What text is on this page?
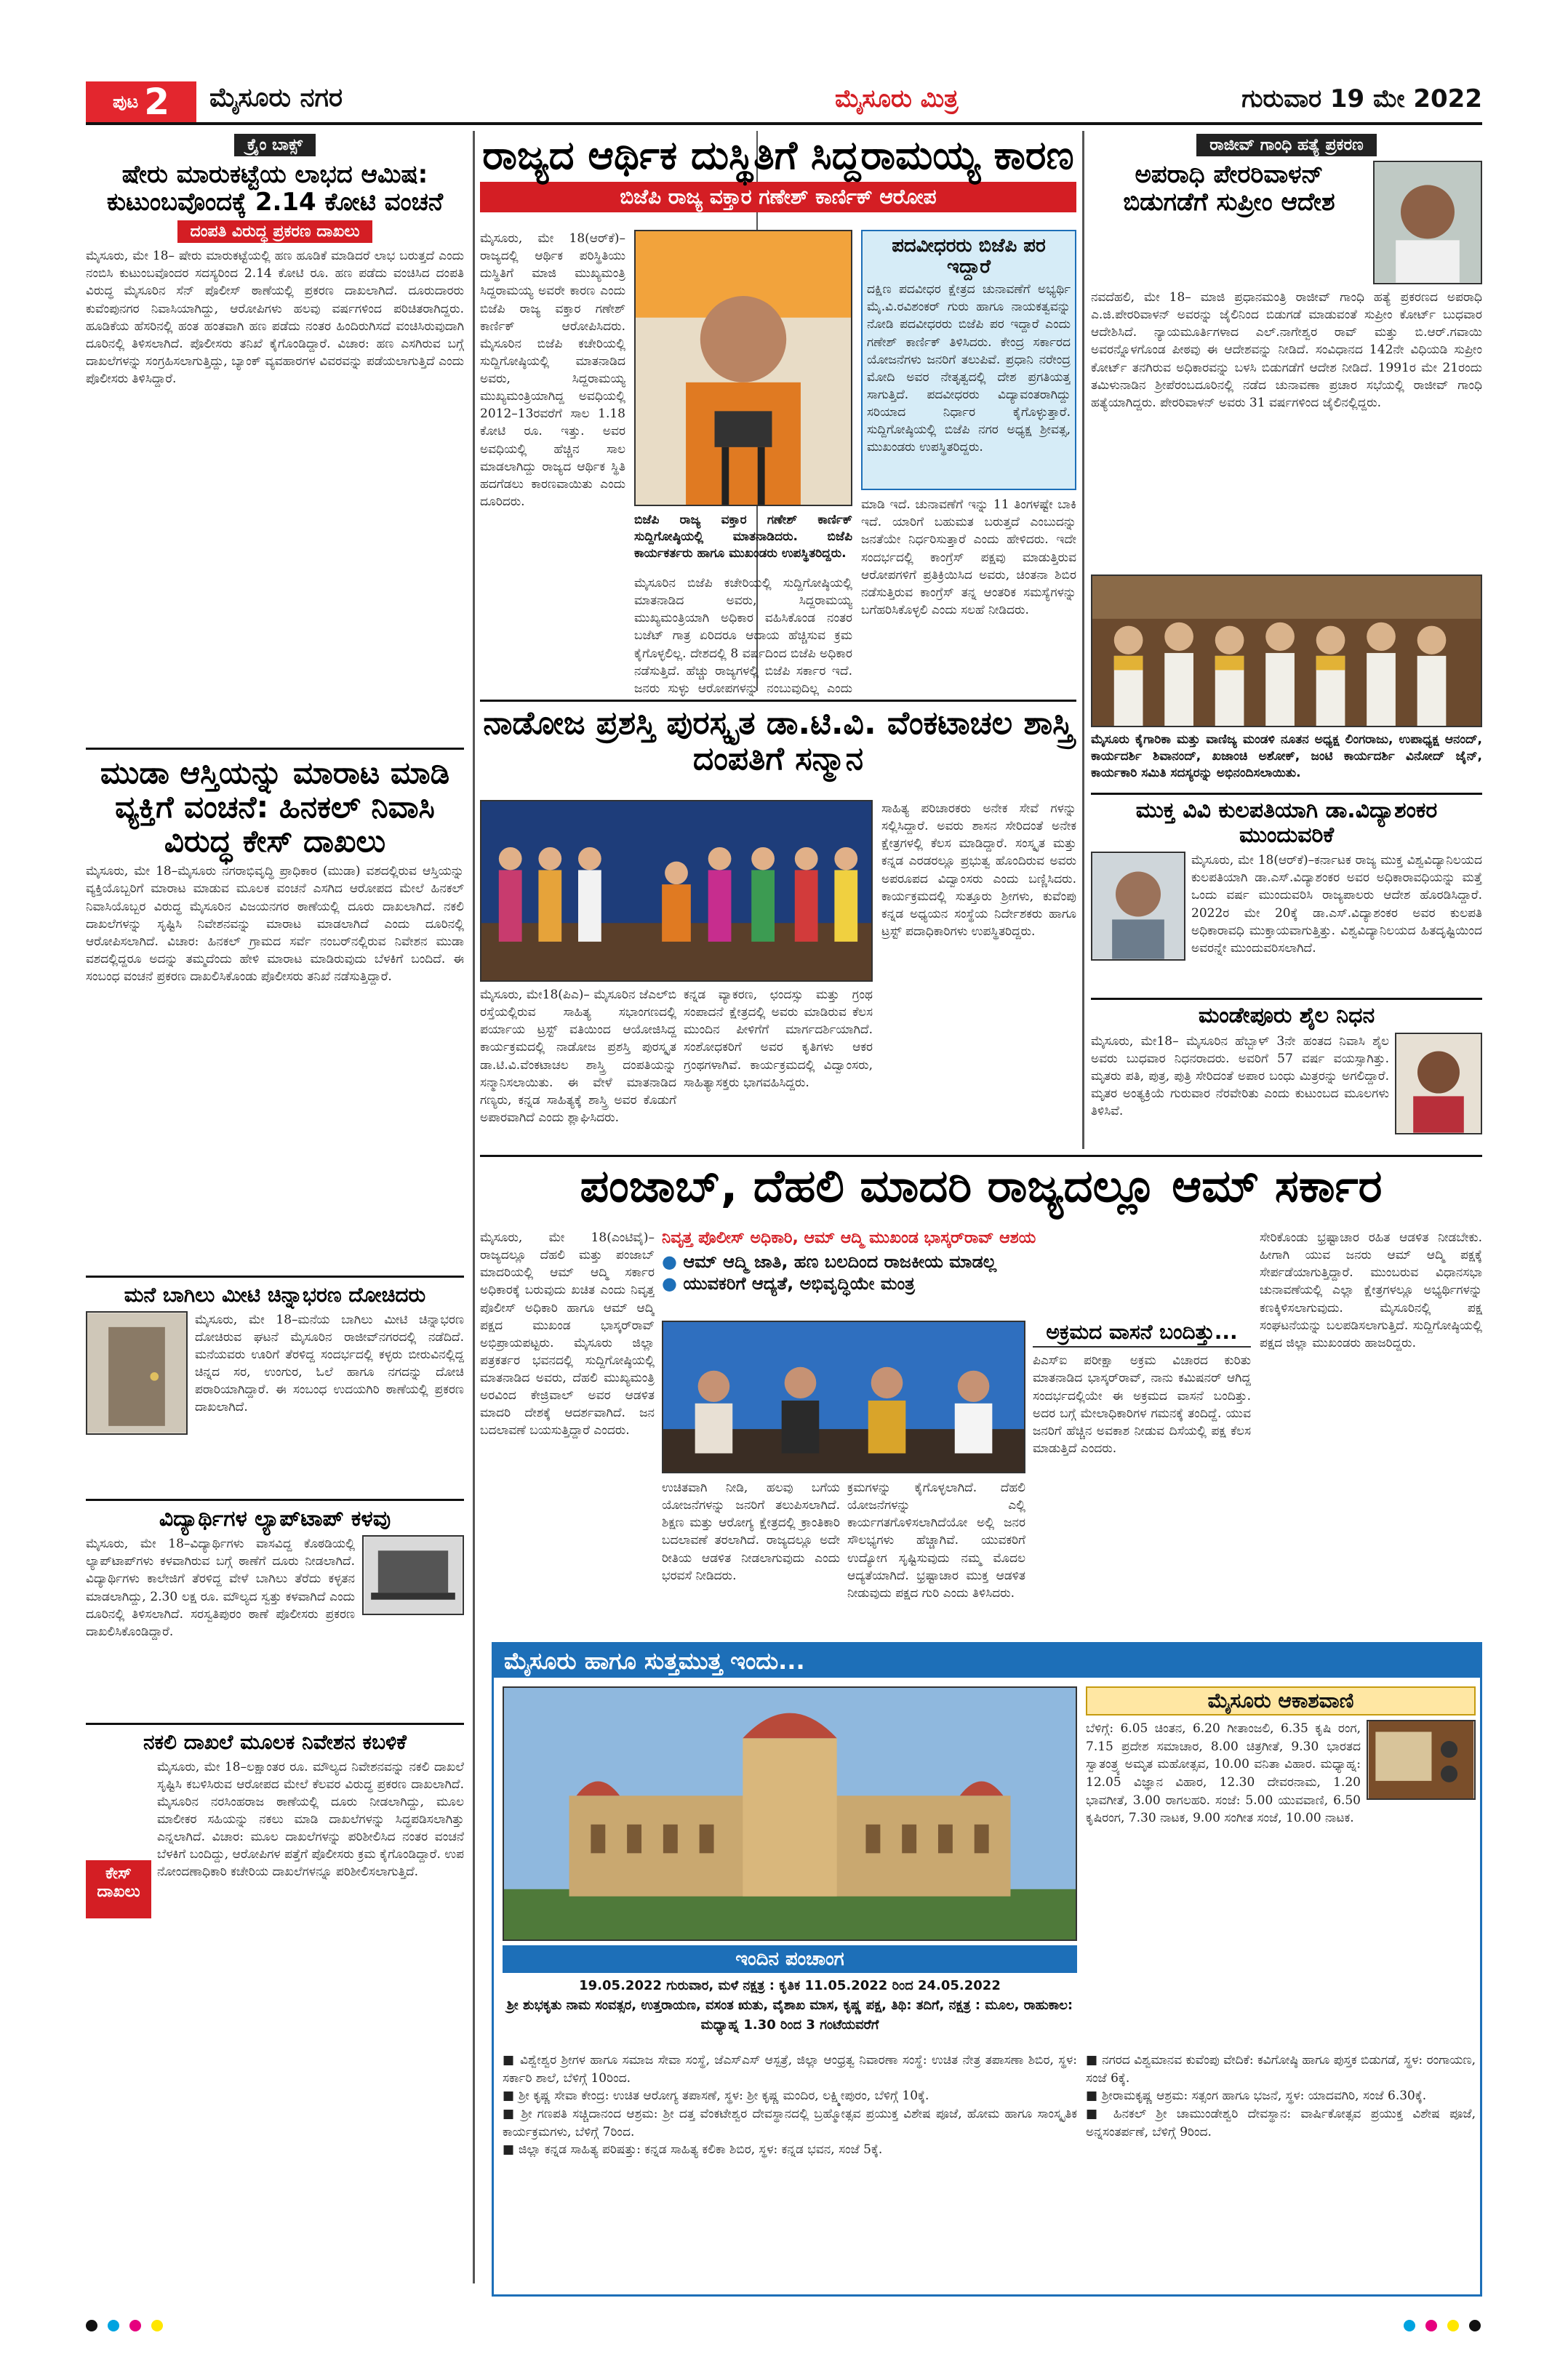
ಪುಟ 2 ಮೈಸೂರು ನಗರ	ಮೈಸೂರು ಮಿತ್ರ	ಗುರುವಾರ 19 ಮೇ 2022
ಕ್ರೈಂ ಬಾಕ್ಸ್
ಷೇರು ಮಾರುಕಟ್ಟೆಯ ಲಾಭದ ಆಮಿಷ: ಕುಟುಂಬವೊಂದಕ್ಕೆ 2.14 ಕೋಟಿ ವಂಚನೆ
ದಂಪತಿ ವಿರುದ್ಧ ಪ್ರಕರಣ ದಾಖಲು
ಮೈಸೂರು, ಮೇ 18– ಷೇರು ಮಾರುಕಟ್ಟೆಯಲ್ಲಿ ಹಣ ಹೂಡಿಕೆ ಮಾಡಿದರೆ ಲಾಭ ಬರುತ್ತದೆ ಎಂದು ನಂಬಿಸಿ ಕುಟುಂಬವೊಂದರ ಸದಸ್ಯರಿಂದ 2.14 ಕೋಟಿ ರೂ. ಹಣ ಪಡೆದು ವಂಚಿಸಿದ ದಂಪತಿ ವಿರುದ್ಧ ಮೈಸೂರಿನ ಸೆನ್ ಪೊಲೀಸ್ ಠಾಣೆಯಲ್ಲಿ ಪ್ರಕರಣ ದಾಖಲಾಗಿದೆ. ದೂರುದಾರರು ಕುವೆಂಪುನಗರ ನಿವಾಸಿಯಾಗಿದ್ದು, ಆರೋಪಿಗಳು ಹಲವು ವರ್ಷಗಳಿಂದ ಪರಿಚಿತರಾಗಿದ್ದರು. ಹೂಡಿಕೆಯ ಹೆಸರಿನಲ್ಲಿ ಹಂತ ಹಂತವಾಗಿ ಹಣ ಪಡೆದು ನಂತರ ಹಿಂದಿರುಗಿಸದೆ ವಂಚಿಸಿರುವುದಾಗಿ ದೂರಿನಲ್ಲಿ ತಿಳಿಸಲಾಗಿದೆ. ಪೊಲೀಸರು ತನಿಖೆ ಕೈಗೊಂಡಿದ್ದಾರೆ. ವಿಚಾರ: ಹಣ ಎಸಗಿರುವ ಬಗ್ಗೆ ದಾಖಲೆಗಳನ್ನು ಸಂಗ್ರಹಿಸಲಾಗುತ್ತಿದ್ದು, ಬ್ಯಾಂಕ್ ವ್ಯವಹಾರಗಳ ವಿವರವನ್ನು ಪಡೆಯಲಾಗುತ್ತಿದೆ ಎಂದು ಪೊಲೀಸರು ತಿಳಿಸಿದ್ದಾರೆ.
ಮುಡಾ ಆಸ್ತಿಯನ್ನು ಮಾರಾಟ ಮಾಡಿ ವ್ಯಕ್ತಿಗೆ ವಂಚನೆ: ಹಿನಕಲ್ ನಿವಾಸಿ ವಿರುದ್ಧ ಕೇಸ್ ದಾಖಲು
ಮೈಸೂರು, ಮೇ 18–ಮೈಸೂರು ನಗರಾಭಿವೃದ್ಧಿ ಪ್ರಾಧಿಕಾರ (ಮುಡಾ) ವಶದಲ್ಲಿರುವ ಆಸ್ತಿಯನ್ನು ವ್ಯಕ್ತಿಯೊಬ್ಬರಿಗೆ ಮಾರಾಟ ಮಾಡುವ ಮೂಲಕ ವಂಚನೆ ಎಸಗಿದ ಆರೋಪದ ಮೇಲೆ ಹಿನಕಲ್ ನಿವಾಸಿಯೊಬ್ಬರ ವಿರುದ್ಧ ಮೈಸೂರಿನ ವಿಜಯನಗರ ಠಾಣೆಯಲ್ಲಿ ದೂರು ದಾಖಲಾಗಿದೆ. ನಕಲಿ ದಾಖಲೆಗಳನ್ನು ಸೃಷ್ಟಿಸಿ ನಿವೇಶನವನ್ನು ಮಾರಾಟ ಮಾಡಲಾಗಿದೆ ಎಂದು ದೂರಿನಲ್ಲಿ ಆರೋಪಿಸಲಾಗಿದೆ. ವಿಚಾರ: ಹಿನಕಲ್ ಗ್ರಾಮದ ಸರ್ವೆ ನಂಬರ್‌ನಲ್ಲಿರುವ ನಿವೇಶನ ಮುಡಾ ವಶದಲ್ಲಿದ್ದರೂ ಅದನ್ನು ತಮ್ಮದೆಂದು ಹೇಳಿ ಮಾರಾಟ ಮಾಡಿರುವುದು ಬೆಳಕಿಗೆ ಬಂದಿದೆ. ಈ ಸಂಬಂಧ ವಂಚನೆ ಪ್ರಕರಣ ದಾಖಲಿಸಿಕೊಂಡು ಪೊಲೀಸರು ತನಿಖೆ ನಡೆಸುತ್ತಿದ್ದಾರೆ.
ಮನೆ ಬಾಗಿಲು ಮೀಟಿ ಚಿನ್ನಾಭರಣ ದೋಚಿದರು
ಮೈಸೂರು, ಮೇ 18–ಮನೆಯ ಬಾಗಿಲು ಮೀಟಿ ಚಿನ್ನಾಭರಣ ದೋಚಿರುವ ಘಟನೆ ಮೈಸೂರಿನ ರಾಜೀವ್‌ನಗರದಲ್ಲಿ ನಡೆದಿದೆ. ಮನೆಯವರು ಊರಿಗೆ ತೆರಳಿದ್ದ ಸಂದರ್ಭದಲ್ಲಿ ಕಳ್ಳರು ಬೀರುವಿನಲ್ಲಿದ್ದ ಚಿನ್ನದ ಸರ, ಉಂಗುರ, ಓಲೆ ಹಾಗೂ ನಗದನ್ನು ದೋಚಿ ಪರಾರಿಯಾಗಿದ್ದಾರೆ. ಈ ಸಂಬಂಧ ಉದಯಗಿರಿ ಠಾಣೆಯಲ್ಲಿ ಪ್ರಕರಣ ದಾಖಲಾಗಿದೆ.
ವಿದ್ಯಾರ್ಥಿಗಳ ಲ್ಯಾಪ್‌ಟಾಪ್ ಕಳವು
ಮೈಸೂರು, ಮೇ 18–ವಿದ್ಯಾರ್ಥಿಗಳು ವಾಸವಿದ್ದ ಕೊಠಡಿಯಲ್ಲಿ ಲ್ಯಾಪ್‌ಟಾಪ್‌ಗಳು ಕಳವಾಗಿರುವ ಬಗ್ಗೆ ಠಾಣೆಗೆ ದೂರು ನೀಡಲಾಗಿದೆ. ವಿದ್ಯಾರ್ಥಿಗಳು ಕಾಲೇಜಿಗೆ ತೆರಳಿದ್ದ ವೇಳೆ ಬಾಗಿಲು ತೆರೆದು ಕಳ್ಳತನ ಮಾಡಲಾಗಿದ್ದು, 2.30 ಲಕ್ಷ ರೂ. ಮೌಲ್ಯದ ಸ್ವತ್ತು ಕಳವಾಗಿದೆ ಎಂದು ದೂರಿನಲ್ಲಿ ತಿಳಿಸಲಾಗಿದೆ. ಸರಸ್ವತಿಪುರಂ ಠಾಣೆ ಪೊಲೀಸರು ಪ್ರಕರಣ ದಾಖಲಿಸಿಕೊಂಡಿದ್ದಾರೆ.
ನಕಲಿ ದಾಖಲೆ ಮೂಲಕ ನಿವೇಶನ ಕಬಳಿಕೆ
ಕೇಸ್ ದಾಖಲು
ಮೈಸೂರು, ಮೇ 18–ಲಕ್ಷಾಂತರ ರೂ. ಮೌಲ್ಯದ ನಿವೇಶನವನ್ನು ನಕಲಿ ದಾಖಲೆ ಸೃಷ್ಟಿಸಿ ಕಬಳಿಸಿರುವ ಆರೋಪದ ಮೇಲೆ ಕೆಲವರ ವಿರುದ್ಧ ಪ್ರಕರಣ ದಾಖಲಾಗಿದೆ. ಮೈಸೂರಿನ ನರಸಿಂಹರಾಜ ಠಾಣೆಯಲ್ಲಿ ದೂರು ನೀಡಲಾಗಿದ್ದು, ಮೂಲ ಮಾಲೀಕರ ಸಹಿಯನ್ನು ನಕಲು ಮಾಡಿ ದಾಖಲೆಗಳನ್ನು ಸಿದ್ಧಪಡಿಸಲಾಗಿತ್ತು ಎನ್ನಲಾಗಿದೆ. ವಿಚಾರ: ಮೂಲ ದಾಖಲೆಗಳನ್ನು ಪರಿಶೀಲಿಸಿದ ನಂತರ ವಂಚನೆ ಬೆಳಕಿಗೆ ಬಂದಿದ್ದು, ಆರೋಪಿಗಳ ಪತ್ತೆಗೆ ಪೊಲೀಸರು ಕ್ರಮ ಕೈಗೊಂಡಿದ್ದಾರೆ. ಉಪ ನೋಂದಣಾಧಿಕಾರಿ ಕಚೇರಿಯ ದಾಖಲೆಗಳನ್ನೂ ಪರಿಶೀಲಿಸಲಾಗುತ್ತಿದೆ.
ರಾಜ್ಯದ ಆರ್ಥಿಕ ದುಸ್ಥಿತಿಗೆ ಸಿದ್ದರಾಮಯ್ಯ ಕಾರಣ
ಬಿಜೆಪಿ ರಾಜ್ಯ ವಕ್ತಾರ ಗಣೇಶ್ ಕಾರ್ಣಿಕ್ ಆರೋಪ
ಮೈಸೂರು, ಮೇ 18(ಆರ್‌ಕೆ)– ರಾಜ್ಯದಲ್ಲಿ ಆರ್ಥಿಕ ಪರಿಸ್ಥಿತಿಯು ದುಸ್ಥಿತಿಗೆ ಮಾಜಿ ಮುಖ್ಯಮಂತ್ರಿ ಸಿದ್ದರಾಮಯ್ಯ ಅವರೇ ಕಾರಣ ಎಂದು ಬಿಜೆಪಿ ರಾಜ್ಯ ವಕ್ತಾರ ಗಣೇಶ್ ಕಾರ್ಣಿಕ್ ಆರೋಪಿಸಿದರು. ಮೈಸೂರಿನ ಬಿಜೆಪಿ ಕಚೇರಿಯಲ್ಲಿ ಸುದ್ದಿಗೋಷ್ಠಿಯಲ್ಲಿ ಮಾತನಾಡಿದ ಅವರು, ಸಿದ್ದರಾಮಯ್ಯ ಮುಖ್ಯಮಂತ್ರಿಯಾಗಿದ್ದ ಅವಧಿಯಲ್ಲಿ 2012–13ರವರೆಗೆ ಸಾಲ 1.18 ಕೋಟಿ ರೂ. ಇತ್ತು. ಅವರ ಅವಧಿಯಲ್ಲಿ ಹೆಚ್ಚಿನ ಸಾಲ ಮಾಡಲಾಗಿದ್ದು ರಾಜ್ಯದ ಆರ್ಥಿಕ ಸ್ಥಿತಿ ಹದಗೆಡಲು ಕಾರಣವಾಯಿತು ಎಂದು ದೂರಿದರು.
ಬಿಜೆಪಿ ರಾಜ್ಯ ವಕ್ತಾರ ಗಣೇಶ್ ಕಾರ್ಣಿಕ್ ಸುದ್ದಿಗೋಷ್ಠಿಯಲ್ಲಿ ಮಾತನಾಡಿದರು. ಬಿಜೆಪಿ ಕಾರ್ಯಕರ್ತರು ಹಾಗೂ ಮುಖಂಡರು ಉಪಸ್ಥಿತರಿದ್ದರು.
ಮೈಸೂರಿನ ಬಿಜೆಪಿ ಕಚೇರಿಯಲ್ಲಿ ಸುದ್ದಿಗೋಷ್ಠಿಯಲ್ಲಿ ಮಾತನಾಡಿದ ಅವರು, ಸಿದ್ದರಾಮಯ್ಯ ಮುಖ್ಯಮಂತ್ರಿಯಾಗಿ ಅಧಿಕಾರ ವಹಿಸಿಕೊಂಡ ನಂತರ ಬಜೆಟ್ ಗಾತ್ರ ಏರಿದರೂ ಆದಾಯ ಹೆಚ್ಚಿಸುವ ಕ್ರಮ ಕೈಗೊಳ್ಳಲಿಲ್ಲ. ದೇಶದಲ್ಲಿ 8 ವರ್ಷದಿಂದ ಬಿಜೆಪಿ ಅಧಿಕಾರ ನಡೆಸುತ್ತಿದೆ. ಹೆಚ್ಚು ರಾಜ್ಯಗಳಲ್ಲಿ ಬಿಜೆಪಿ ಸರ್ಕಾರ ಇದೆ. ಜನರು ಸುಳ್ಳು ಆರೋಪಗಳನ್ನು ನಂಬುವುದಿಲ್ಲ ಎಂದು
ಪದವೀಧರರು ಬಿಜೆಪಿ ಪರ ಇದ್ದಾರೆ
ದಕ್ಷಿಣ ಪದವೀಧರ ಕ್ಷೇತ್ರದ ಚುನಾವಣೆಗೆ ಅಭ್ಯರ್ಥಿ ಮೈ.ವಿ.ರವಿಶಂಕರ್ ಗುರು ಹಾಗೂ ನಾಯಕತ್ವವನ್ನು ನೋಡಿ ಪದವೀಧರರು ಬಿಜೆಪಿ ಪರ ಇದ್ದಾರೆ ಎಂದು ಗಣೇಶ್ ಕಾರ್ಣಿಕ್ ತಿಳಿಸಿದರು. ಕೇಂದ್ರ ಸರ್ಕಾರದ ಯೋಜನೆಗಳು ಜನರಿಗೆ ತಲುಪಿವೆ. ಪ್ರಧಾನಿ ನರೇಂದ್ರ ಮೋದಿ ಅವರ ನೇತೃತ್ವದಲ್ಲಿ ದೇಶ ಪ್ರಗತಿಯತ್ತ ಸಾಗುತ್ತಿದೆ. ಪದವೀಧರರು ವಿದ್ಯಾವಂತರಾಗಿದ್ದು ಸರಿಯಾದ ನಿರ್ಧಾರ ಕೈಗೊಳ್ಳುತ್ತಾರೆ. ಸುದ್ದಿಗೋಷ್ಠಿಯಲ್ಲಿ ಬಿಜೆಪಿ ನಗರ ಅಧ್ಯಕ್ಷ ಶ್ರೀವತ್ಸ, ಮುಖಂಡರು ಉಪಸ್ಥಿತರಿದ್ದರು.
ಮಾಡಿ ಇದೆ. ಚುನಾವಣೆಗೆ ಇನ್ನು 11 ತಿಂಗಳಷ್ಟೇ ಬಾಕಿ ಇದೆ. ಯಾರಿಗೆ ಬಹುಮತ ಬರುತ್ತದೆ ಎಂಬುದನ್ನು ಜನತೆಯೇ ನಿರ್ಧರಿಸುತ್ತಾರೆ ಎಂದು ಹೇಳಿದರು. ಇದೇ ಸಂದರ್ಭದಲ್ಲಿ ಕಾಂಗ್ರೆಸ್ ಪಕ್ಷವು ಮಾಡುತ್ತಿರುವ ಆರೋಪಗಳಿಗೆ ಪ್ರತಿಕ್ರಿಯಿಸಿದ ಅವರು, ಚಿಂತನಾ ಶಿಬಿರ ನಡೆಸುತ್ತಿರುವ ಕಾಂಗ್ರೆಸ್ ತನ್ನ ಆಂತರಿಕ ಸಮಸ್ಯೆಗಳನ್ನು ಬಗೆಹರಿಸಿಕೊಳ್ಳಲಿ ಎಂದು ಸಲಹೆ ನೀಡಿದರು.
ರಾಜೀವ್ ಗಾಂಧಿ ಹತ್ಯೆ ಪ್ರಕರಣ
ಅಪರಾಧಿ ಪೇರರಿವಾಳನ್ ಬಿಡುಗಡೆಗೆ ಸುಪ್ರೀಂ ಆದೇಶ
ನವದೆಹಲಿ, ಮೇ 18– ಮಾಜಿ ಪ್ರಧಾನಮಂತ್ರಿ ರಾಜೀವ್ ಗಾಂಧಿ ಹತ್ಯೆ ಪ್ರಕರಣದ ಅಪರಾಧಿ ಎ.ಜಿ.ಪೇರರಿವಾಳನ್ ಅವರನ್ನು ಜೈಲಿನಿಂದ ಬಿಡುಗಡೆ ಮಾಡುವಂತೆ ಸುಪ್ರೀಂ ಕೋರ್ಟ್ ಬುಧವಾರ ಆದೇಶಿಸಿದೆ. ನ್ಯಾಯಮೂರ್ತಿಗಳಾದ ಎಲ್.ನಾಗೇಶ್ವರ ರಾವ್ ಮತ್ತು ಬಿ.ಆರ್.ಗವಾಯಿ ಅವರನ್ನೊಳಗೊಂಡ ಪೀಠವು ಈ ಆದೇಶವನ್ನು ನೀಡಿದೆ. ಸಂವಿಧಾನದ 142ನೇ ವಿಧಿಯಡಿ ಸುಪ್ರೀಂ ಕೋರ್ಟ್ ತನಗಿರುವ ಅಧಿಕಾರವನ್ನು ಬಳಸಿ ಬಿಡುಗಡೆಗೆ ಆದೇಶ ನೀಡಿದೆ. 1991ರ ಮೇ 21ರಂದು ತಮಿಳುನಾಡಿನ ಶ್ರೀಪೆರಂಬದೂರಿನಲ್ಲಿ ನಡೆದ ಚುನಾವಣಾ ಪ್ರಚಾರ ಸಭೆಯಲ್ಲಿ ರಾಜೀವ್ ಗಾಂಧಿ ಹತ್ಯೆಯಾಗಿದ್ದರು. ಪೇರರಿವಾಳನ್ ಅವರು 31 ವರ್ಷಗಳಿಂದ ಜೈಲಿನಲ್ಲಿದ್ದರು.
ಮೈಸೂರು ಕೈಗಾರಿಕಾ ಮತ್ತು ವಾಣಿಜ್ಯ ಮಂಡಳಿ ನೂತನ ಅಧ್ಯಕ್ಷ ಲಿಂಗರಾಜು, ಉಪಾಧ್ಯಕ್ಷ ಆನಂದ್, ಕಾರ್ಯದರ್ಶಿ ಶಿವಾನಂದ್, ಖಜಾಂಚಿ ಅಶೋಕ್, ಜಂಟಿ ಕಾರ್ಯದರ್ಶಿ ವಿನೋದ್ ಜೈನ್, ಕಾರ್ಯಕಾರಿ ಸಮಿತಿ ಸದಸ್ಯರನ್ನು ಅಭಿನಂದಿಸಲಾಯಿತು.
ಮುಕ್ತ ವಿವಿ ಕುಲಪತಿಯಾಗಿ ಡಾ.ವಿದ್ಯಾಶಂಕರ ಮುಂದುವರಿಕೆ
ಮೈಸೂರು, ಮೇ 18(ಆರ್‌ಕೆ)–ಕರ್ನಾಟಕ ರಾಜ್ಯ ಮುಕ್ತ ವಿಶ್ವವಿದ್ಯಾನಿಲಯದ ಕುಲಪತಿಯಾಗಿ ಡಾ.ಎಸ್.ವಿದ್ಯಾಶಂಕರ ಅವರ ಅಧಿಕಾರಾವಧಿಯನ್ನು ಮತ್ತೆ ಒಂದು ವರ್ಷ ಮುಂದುವರಿಸಿ ರಾಜ್ಯಪಾಲರು ಆದೇಶ ಹೊರಡಿಸಿದ್ದಾರೆ. 2022ರ ಮೇ 20ಕ್ಕೆ ಡಾ.ಎಸ್.ವಿದ್ಯಾಶಂಕರ ಅವರ ಕುಲಪತಿ ಅಧಿಕಾರಾವಧಿ ಮುಕ್ತಾಯವಾಗುತ್ತಿತ್ತು. ವಿಶ್ವವಿದ್ಯಾನಿಲಯದ ಹಿತದೃಷ್ಟಿಯಿಂದ ಅವರನ್ನೇ ಮುಂದುವರಿಸಲಾಗಿದೆ.
ಮಂಡೇಪೂರು ಶೈಲ ನಿಧನ
ಮೈಸೂರು, ಮೇ18– ಮೈಸೂರಿನ ಹೆಬ್ಬಾಳ್ 3ನೇ ಹಂತದ ನಿವಾಸಿ ಶೈಲ ಅವರು ಬುಧವಾರ ನಿಧನರಾದರು. ಅವರಿಗೆ 57 ವರ್ಷ ವಯಸ್ಸಾಗಿತ್ತು. ಮೃತರು ಪತಿ, ಪುತ್ರ, ಪುತ್ರಿ ಸೇರಿದಂತೆ ಅಪಾರ ಬಂಧು ಮಿತ್ರರನ್ನು ಅಗಲಿದ್ದಾರೆ. ಮೃತರ ಅಂತ್ಯಕ್ರಿಯೆ ಗುರುವಾರ ನೆರವೇರಿತು ಎಂದು ಕುಟುಂಬದ ಮೂಲಗಳು ತಿಳಿಸಿವೆ.
ನಾಡೋಜ ಪ್ರಶಸ್ತಿ ಪುರಸ್ಕೃತ ಡಾ.ಟಿ.ವಿ. ವೆಂಕಟಾಚಲ ಶಾಸ್ತ್ರಿ ದಂಪತಿಗೆ ಸನ್ಮಾನ
ಮೈಸೂರು, ಮೇ18(ಪಿಎ)– ಮೈಸೂರಿನ ಜೆಎಲ್‌ಬಿ ರಸ್ತೆಯಲ್ಲಿರುವ ಸಾಹಿತ್ಯ ಸಭಾಂಗಣದಲ್ಲಿ ಪರ್ಯಾಯ ಟ್ರಸ್ಟ್ ವತಿಯಿಂದ ಆಯೋಜಿಸಿದ್ದ ಕಾರ್ಯಕ್ರಮದಲ್ಲಿ ನಾಡೋಜ ಪ್ರಶಸ್ತಿ ಪುರಸ್ಕೃತ ಡಾ.ಟಿ.ವಿ.ವೆಂಕಟಾಚಲ ಶಾಸ್ತ್ರಿ ದಂಪತಿಯನ್ನು ಸನ್ಮಾನಿಸಲಾಯಿತು. ಈ ವೇಳೆ ಮಾತನಾಡಿದ ಗಣ್ಯರು, ಕನ್ನಡ ಸಾಹಿತ್ಯಕ್ಕೆ ಶಾಸ್ತ್ರಿ ಅವರ ಕೊಡುಗೆ ಅಪಾರವಾಗಿದೆ ಎಂದು ಶ್ಲಾಘಿಸಿದರು.
ಕನ್ನಡ ವ್ಯಾಕರಣ, ಛಂದಸ್ಸು ಮತ್ತು ಗ್ರಂಥ ಸಂಪಾದನೆ ಕ್ಷೇತ್ರದಲ್ಲಿ ಅವರು ಮಾಡಿರುವ ಕೆಲಸ ಮುಂದಿನ ಪೀಳಿಗೆಗೆ ಮಾರ್ಗದರ್ಶಿಯಾಗಿದೆ. ಸಂಶೋಧಕರಿಗೆ ಅವರ ಕೃತಿಗಳು ಆಕರ ಗ್ರಂಥಗಳಾಗಿವೆ. ಕಾರ್ಯಕ್ರಮದಲ್ಲಿ ವಿದ್ವಾಂಸರು, ಸಾಹಿತ್ಯಾಸಕ್ತರು ಭಾಗವಹಿಸಿದ್ದರು.
ಸಾಹಿತ್ಯ ಪರಿಚಾರಕರು ಅನೇಕ ಸೇವೆ ಗಳನ್ನು ಸಲ್ಲಿಸಿದ್ದಾರೆ. ಅವರು ಶಾಸನ ಸೇರಿದಂತೆ ಅನೇಕ ಕ್ಷೇತ್ರಗಳಲ್ಲಿ ಕೆಲಸ ಮಾಡಿದ್ದಾರೆ. ಸಂಸ್ಕೃತ ಮತ್ತು ಕನ್ನಡ ಎರಡರಲ್ಲೂ ಪ್ರಭುತ್ವ ಹೊಂದಿರುವ ಅವರು ಅಪರೂಪದ ವಿದ್ವಾಂಸರು ಎಂದು ಬಣ್ಣಿಸಿದರು. ಕಾರ್ಯಕ್ರಮದಲ್ಲಿ ಸುತ್ತೂರು ಶ್ರೀಗಳು, ಕುವೆಂಪು ಕನ್ನಡ ಅಧ್ಯಯನ ಸಂಸ್ಥೆಯ ನಿರ್ದೇಶಕರು ಹಾಗೂ ಟ್ರಸ್ಟ್ ಪದಾಧಿಕಾರಿಗಳು ಉಪಸ್ಥಿತರಿದ್ದರು.
ಪಂಜಾಬ್, ದೆಹಲಿ ಮಾದರಿ ರಾಜ್ಯದಲ್ಲೂ ಆಮ್ ಸರ್ಕಾರ
ಮೈಸೂರು, ಮೇ 18(ಎಂಟಿವೈ)– ರಾಜ್ಯದಲ್ಲೂ ದೆಹಲಿ ಮತ್ತು ಪಂಜಾಬ್ ಮಾದರಿಯಲ್ಲಿ ಆಮ್ ಆದ್ಮಿ ಸರ್ಕಾರ ಅಧಿಕಾರಕ್ಕೆ ಬರುವುದು ಖಚಿತ ಎಂದು ನಿವೃತ್ತ ಪೊಲೀಸ್ ಅಧಿಕಾರಿ ಹಾಗೂ ಆಮ್ ಆದ್ಮಿ ಪಕ್ಷದ ಮುಖಂಡ ಭಾಸ್ಕರ್‌ರಾವ್ ಅಭಿಪ್ರಾಯಪಟ್ಟರು. ಮೈಸೂರು ಜಿಲ್ಲಾ ಪತ್ರಕರ್ತರ ಭವನದಲ್ಲಿ ಸುದ್ದಿಗೋಷ್ಠಿಯಲ್ಲಿ ಮಾತನಾಡಿದ ಅವರು, ದೆಹಲಿ ಮುಖ್ಯಮಂತ್ರಿ ಅರವಿಂದ ಕೇಜ್ರಿವಾಲ್ ಅವರ ಆಡಳಿತ ಮಾದರಿ ದೇಶಕ್ಕೆ ಆದರ್ಶವಾಗಿದೆ. ಜನ ಬದಲಾವಣೆ ಬಯಸುತ್ತಿದ್ದಾರೆ ಎಂದರು.
ನಿವೃತ್ತ ಪೊಲೀಸ್ ಅಧಿಕಾರಿ, ಆಮ್ ಆದ್ಮಿ ಮುಖಂಡ ಭಾಸ್ಕರ್‌ರಾವ್ ಆಶಯ
● ಆಮ್ ಆದ್ಮಿ ಜಾತಿ, ಹಣ ಬಲದಿಂದ ರಾಜಕೀಯ ಮಾಡಲ್ಲ
● ಯುವಕರಿಗೆ ಆದ್ಯತೆ, ಅಭಿವೃದ್ಧಿಯೇ ಮಂತ್ರ
ಉಚಿತವಾಗಿ ನೀಡಿ, ಹಲವು ಬಗೆಯ ಯೋಜನೆಗಳನ್ನು ಜನರಿಗೆ ತಲುಪಿಸಲಾಗಿದೆ. ಶಿಕ್ಷಣ ಮತ್ತು ಆರೋಗ್ಯ ಕ್ಷೇತ್ರದಲ್ಲಿ ಕ್ರಾಂತಿಕಾರಿ ಬದಲಾವಣೆ ತರಲಾಗಿದೆ. ರಾಜ್ಯದಲ್ಲೂ ಅದೇ ರೀತಿಯ ಆಡಳಿತ ನೀಡಲಾಗುವುದು ಎಂದು ಭರವಸೆ ನೀಡಿದರು.
ಕ್ರಮಗಳನ್ನು ಕೈಗೊಳ್ಳಲಾಗಿದೆ. ದೆಹಲಿ ಯೋಜನೆಗಳನ್ನು ಎಲ್ಲಿ ಕಾರ್ಯಗತಗೊಳಿಸಲಾಗಿದೆಯೋ ಅಲ್ಲಿ ಜನರ ಸೌಲಭ್ಯಗಳು ಹೆಚ್ಚಾಗಿವೆ. ಯುವಕರಿಗೆ ಉದ್ಯೋಗ ಸೃಷ್ಟಿಸುವುದು ನಮ್ಮ ಮೊದಲ ಆದ್ಯತೆಯಾಗಿದೆ. ಭ್ರಷ್ಟಾಚಾರ ಮುಕ್ತ ಆಡಳಿತ ನೀಡುವುದು ಪಕ್ಷದ ಗುರಿ ಎಂದು ತಿಳಿಸಿದರು.
ಅಕ್ರಮದ ವಾಸನೆ ಬಂದಿತ್ತು...
ಪಿಎಸ್‌ಐ ಪರೀಕ್ಷಾ ಅಕ್ರಮ ವಿಚಾರದ ಕುರಿತು ಮಾತನಾಡಿದ ಭಾಸ್ಕರ್‌ರಾವ್, ನಾನು ಕಮಿಷನರ್ ಆಗಿದ್ದ ಸಂದರ್ಭದಲ್ಲಿಯೇ ಈ ಅಕ್ರಮದ ವಾಸನೆ ಬಂದಿತ್ತು. ಅದರ ಬಗ್ಗೆ ಮೇಲಾಧಿಕಾರಿಗಳ ಗಮನಕ್ಕೆ ತಂದಿದ್ದೆ. ಯುವ ಜನರಿಗೆ ಹೆಚ್ಚಿನ ಅವಕಾಶ ನೀಡುವ ದಿಸೆಯಲ್ಲಿ ಪಕ್ಷ ಕೆಲಸ ಮಾಡುತ್ತಿದೆ ಎಂದರು.
ಸೇರಿಕೊಂಡು ಭ್ರಷ್ಟಾಚಾರ ರಹಿತ ಆಡಳಿತ ನೀಡಬೇಕು. ಹೀಗಾಗಿ ಯುವ ಜನರು ಆಮ್ ಆದ್ಮಿ ಪಕ್ಷಕ್ಕೆ ಸೇರ್ಪಡೆಯಾಗುತ್ತಿದ್ದಾರೆ. ಮುಂಬರುವ ವಿಧಾನಸಭಾ ಚುನಾವಣೆಯಲ್ಲಿ ಎಲ್ಲಾ ಕ್ಷೇತ್ರಗಳಲ್ಲೂ ಅಭ್ಯರ್ಥಿಗಳನ್ನು ಕಣಕ್ಕಿಳಿಸಲಾಗುವುದು. ಮೈಸೂರಿನಲ್ಲಿ ಪಕ್ಷ ಸಂಘಟನೆಯನ್ನು ಬಲಪಡಿಸಲಾಗುತ್ತಿದೆ. ಸುದ್ದಿಗೋಷ್ಠಿಯಲ್ಲಿ ಪಕ್ಷದ ಜಿಲ್ಲಾ ಮುಖಂಡರು ಹಾಜರಿದ್ದರು.
ಮೈಸೂರು ಹಾಗೂ ಸುತ್ತಮುತ್ತ ಇಂದು...
ಇಂದಿನ ಪಂಚಾಂಗ
19.05.2022 ಗುರುವಾರ, ಮಳೆ ನಕ್ಷತ್ರ : ಕೃತಿಕ 11.05.2022 ರಿಂದ 24.05.2022
ಶ್ರೀ ಶುಭಕೃತು ನಾಮ ಸಂವತ್ಸರ, ಉತ್ತರಾಯಣ, ವಸಂತ ಋತು, ವೈಶಾಖ ಮಾಸ, ಕೃಷ್ಣ ಪಕ್ಷ, ತಿಥಿ: ತದಿಗೆ, ನಕ್ಷತ್ರ : ಮೂಲ, ರಾಹುಕಾಲ: ಮಧ್ಯಾಹ್ನ 1.30 ರಿಂದ 3 ಗಂಟೆಯವರೆಗೆ
■ ವಿಶ್ವೇಶ್ವರ ಶ್ರೀಗಳ ಹಾಗೂ ಸಮಾಜ ಸೇವಾ ಸಂಸ್ಥೆ, ಜೆಎಸ್‌ಎಸ್ ಆಸ್ಪತ್ರೆ, ಜಿಲ್ಲಾ ಆಂಧ್ರತ್ವ ನಿವಾರಣಾ ಸಂಸ್ಥೆ: ಉಚಿತ ನೇತ್ರ ತಪಾಸಣಾ ಶಿಬಿರ, ಸ್ಥಳ: ಸರ್ಕಾರಿ ಶಾಲೆ, ಬೆಳಿಗ್ಗೆ 10ರಿಂದ.
■ ಶ್ರೀ ಕೃಷ್ಣ ಸೇವಾ ಕೇಂದ್ರ: ಉಚಿತ ಆರೋಗ್ಯ ತಪಾಸಣೆ, ಸ್ಥಳ: ಶ್ರೀ ಕೃಷ್ಣ ಮಂದಿರ, ಲಕ್ಷ್ಮೀಪುರಂ, ಬೆಳಿಗ್ಗೆ 10ಕ್ಕೆ.
■ ಶ್ರೀ ಗಣಪತಿ ಸಚ್ಚಿದಾನಂದ ಆಶ್ರಮ: ಶ್ರೀ ದತ್ತ ವೆಂಕಟೇಶ್ವರ ದೇವಸ್ಥಾನದಲ್ಲಿ ಬ್ರಹ್ಮೋತ್ಸವ ಪ್ರಯುಕ್ತ ವಿಶೇಷ ಪೂಜೆ, ಹೋಮ ಹಾಗೂ ಸಾಂಸ್ಕೃತಿಕ ಕಾರ್ಯಕ್ರಮಗಳು, ಬೆಳಿಗ್ಗೆ 7ರಿಂದ.
■ ಜಿಲ್ಲಾ ಕನ್ನಡ ಸಾಹಿತ್ಯ ಪರಿಷತ್ತು: ಕನ್ನಡ ಸಾಹಿತ್ಯ ಕಲಿಕಾ ಶಿಬಿರ, ಸ್ಥಳ: ಕನ್ನಡ ಭವನ, ಸಂಜೆ 5ಕ್ಕೆ.
ಮೈಸೂರು ಆಕಾಶವಾಣಿ
ಬೆಳಿಗ್ಗೆ: 6.05 ಚಿಂತನ, 6.20 ಗೀತಾಂಜಲಿ, 6.35 ಕೃಷಿ ರಂಗ, 7.15 ಪ್ರದೇಶ ಸಮಾಚಾರ, 8.00 ಚಿತ್ರಗೀತೆ, 9.30 ಭಾರತದ ಸ್ವಾತಂತ್ರ್ಯ ಅಮೃತ ಮಹೋತ್ಸವ, 10.00 ವನಿತಾ ವಿಹಾರ. ಮಧ್ಯಾಹ್ನ: 12.05 ವಿಜ್ಞಾನ ವಿಹಾರ, 12.30 ದೇವರನಾಮ, 1.20 ಭಾವಗೀತೆ, 3.00 ರಾಗಲಹರಿ. ಸಂಜೆ: 5.00 ಯುವವಾಣಿ, 6.50 ಕೃಷಿರಂಗ, 7.30 ನಾಟಕ, 9.00 ಸಂಗೀತ ಸಂಜೆ, 10.00 ನಾಟಕ.
■ ನಗರದ ವಿಶ್ವಮಾನವ ಕುವೆಂಪು ವೇದಿಕೆ: ಕವಿಗೋಷ್ಠಿ ಹಾಗೂ ಪುಸ್ತಕ ಬಿಡುಗಡೆ, ಸ್ಥಳ: ರಂಗಾಯಣ, ಸಂಜೆ 6ಕ್ಕೆ.
■ ಶ್ರೀರಾಮಕೃಷ್ಣ ಆಶ್ರಮ: ಸತ್ಸಂಗ ಹಾಗೂ ಭಜನೆ, ಸ್ಥಳ: ಯಾದವಗಿರಿ, ಸಂಜೆ 6.30ಕ್ಕೆ.
■ ಹಿನಕಲ್ ಶ್ರೀ ಚಾಮುಂಡೇಶ್ವರಿ ದೇವಸ್ಥಾನ: ವಾರ್ಷಿಕೋತ್ಸವ ಪ್ರಯುಕ್ತ ವಿಶೇಷ ಪೂಜೆ, ಅನ್ನಸಂತರ್ಪಣೆ, ಬೆಳಿಗ್ಗೆ 9ರಿಂದ.
